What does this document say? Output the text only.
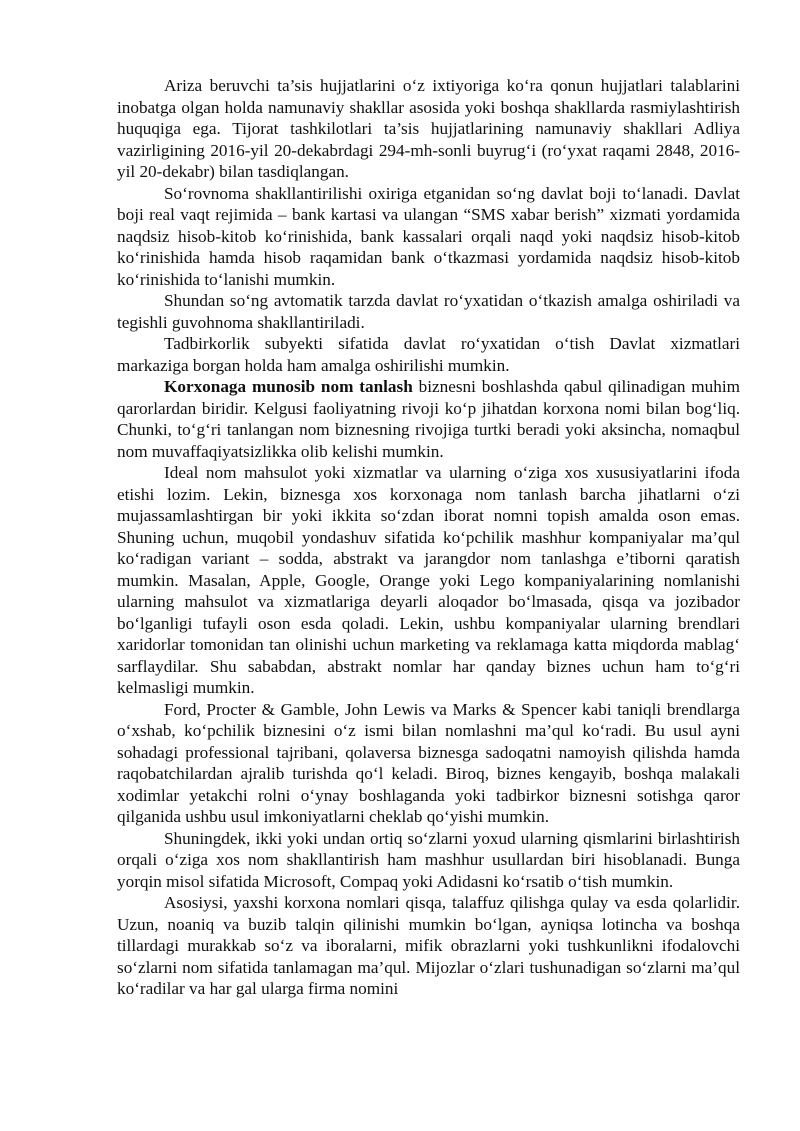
Ariza beruvchi ta’sis hujjatlarini o‘z ixtiyoriga ko‘ra qonun hujjatlari talablarini inobatga olgan holda namunaviy shakllar asosida yoki boshqa shakllarda rasmiylashtirish huquqiga ega. Tijorat tashkilotlari ta’sis hujjatlarining namunaviy shakllari Adliya vazirligining 2016-yil 20-dekabrdagi 294-mh-sonli buyrug‘i (ro‘yxat raqami 2848, 2016-yil 20-dekabr) bilan tasdiqlangan.

So‘rovnoma shakllantirilishi oxiriga etganidan so‘ng davlat boji to‘lanadi. Davlat boji real vaqt rejimida – bank kartasi va ulangan “SMS xabar berish” xizmati yordamida naqdsiz hisob-kitob ko‘rinishida, bank kassalari orqali naqd yoki naqdsiz hisob-kitob ko‘rinishida hamda hisob raqamidan bank o‘tkazmasi yordamida naqdsiz hisob-kitob ko‘rinishida to‘lanishi mumkin.

Shundan so‘ng avtomatik tarzda davlat ro‘yxatidan o‘tkazish amalga oshiriladi va tegishli guvohnoma shakllantiriladi.

Tadbirkorlik subyekti sifatida davlat ro‘yxatidan o‘tish Davlat xizmatlari markaziga borgan holda ham amalga oshirilishi mumkin.

Korxonaga munosib nom tanlash biznesni boshlashda qabul qilinadigan muhim qarorlardan biridir. Kelgusi faoliyatning rivoji ko‘p jihatdan korxona nomi bilan bog‘liq. Chunki, to‘g‘ri tanlangan nom biznesning rivojiga turtki beradi yoki aksincha, nomaqbul nom muvaffaqiyatsizlikka olib kelishi mumkin.

Ideal nom mahsulot yoki xizmatlar va ularning o‘ziga xos xususiyatlarini ifoda etishi lozim. Lekin, biznesga xos korxonaga nom tanlash barcha jihatlarni o‘zi mujassamlashtirgan bir yoki ikkita so‘zdan iborat nomni topish amalda oson emas. Shuning uchun, muqobil yondashuv sifatida ko‘pchilik mashhur kompaniyalar ma’qul ko‘radigan variant – sodda, abstrakt va jarangdor nom tanlashga e’tiborni qaratish mumkin. Masalan, Apple, Google, Orange yoki Lego kompaniyalarining nomlanishi ularning mahsulot va xizmatlariga deyarli aloqador bo‘lmasada, qisqa va jozibador bo‘lganligi tufayli oson esda qoladi. Lekin, ushbu kompaniyalar ularning brendlari xaridorlar tomonidan tan olinishi uchun marketing va reklamaga katta miqdorda mablag‘ sarflaydilar. Shu sababdan, abstrakt nomlar har qanday biznes uchun ham to‘g‘ri kelmasligi mumkin.

Ford, Procter & Gamble, John Lewis va Marks & Spencer kabi taniqli brendlarga o‘xshab, ko‘pchilik biznesini o‘z ismi bilan nomlashni ma’qul ko‘radi. Bu usul ayni sohadagi professional tajribani, qolaversa biznesga sadoqatni namoyish qilishda hamda raqobatchilardan ajralib turishda qo‘l keladi. Biroq, biznes kengayib, boshqa malakali xodimlar yetakchi rolni o‘ynay boshlaganda yoki tadbirkor biznesni sotishga qaror qilganida ushbu usul imkoniyatlarni cheklab qo‘yishi mumkin.

Shuningdek, ikki yoki undan ortiq so‘zlarni yoxud ularning qismlarini birlashtirish orqali o‘ziga xos nom shakllantirish ham mashhur usullardan biri hisoblanadi. Bunga yorqin misol sifatida Microsoft, Compaq yoki Adidasni ko‘rsatib o‘tish mumkin.

Asosiysi, yaxshi korxona nomlari qisqa, talaffuz qilishga qulay va esda qolarlidir. Uzun, noaniq va buzib talqin qilinishi mumkin bo‘lgan, ayniqsa lotincha va boshqa tillardagi murakkab so‘z va iboralarni, mifik obrazlarni yoki tushkunlikni ifodalovchi so‘zlarni nom sifatida tanlamagan ma’qul. Mijozlar o‘zlari tushunadigan so‘zlarni ma’qul ko‘radilar va har gal ularga firma nomini
